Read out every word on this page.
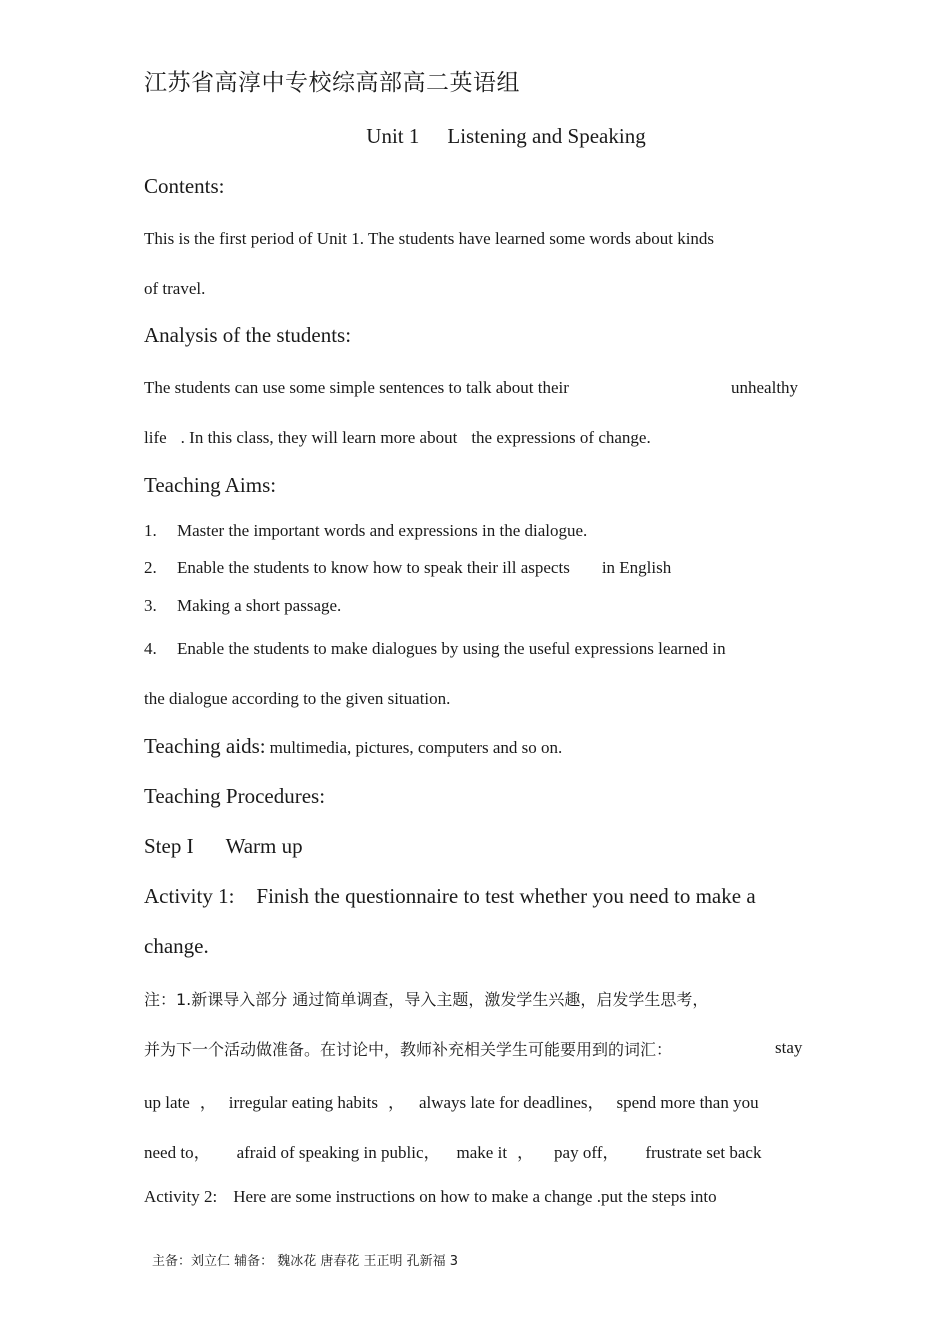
江苏省高淳中专校综高部高二英语组
Unit 1 Listening and Speaking
Contents:
This is the first period of Unit 1. The students have learned some words about kinds
of travel.
Analysis of the students:
The students can use some simple sentences to talk about their	unhealthy
life . In this class, they will learn more about the expressions of change.
Teaching Aims:
1. Master the important words and expressions in the dialogue.
2. Enable the students to know how to speak their ill aspects in English
3. Making a short passage.
4. Enable the students to make dialogues by using the useful expressions learned in
the dialogue according to the given situation.
Teaching aids: multimedia, pictures, computers and so on.
Teaching Procedures:
Step I Warm up
Activity 1: Finish the questionnaire to test whether you need to make a
change.
注：1.新课导入部分 通过简单调查，导入主题，激发学生兴趣，启发学生思考，
并为下一个活动做准备。在讨论中，教师补充相关学生可能要用到的词汇：	stay
up late ， irregular eating habits ， always late for deadlines， spend more than you
need to， afraid of speaking in public， make it ， pay off， frustrate set back
Activity 2: Here are some instructions on how to make a change .put the steps into
主备：刘立仁 辅备： 魏冰花 唐春花 王正明 孔新福 3
